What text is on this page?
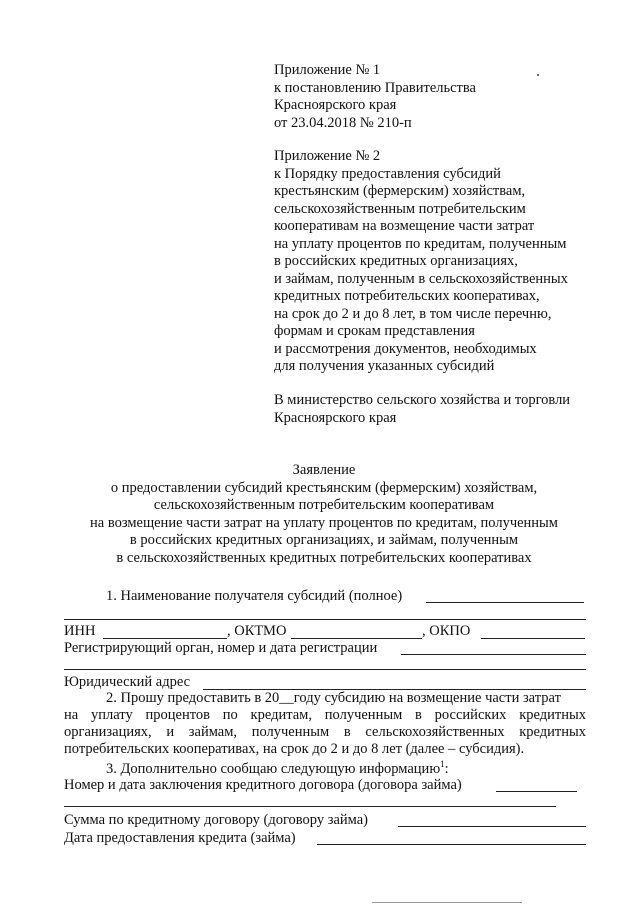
Приложение № 1
к постановлению Правительства
Красноярского края
от 23.04.2018 № 210-п
Приложение № 2
к Порядку предоставления субсидий
крестьянским (фермерским) хозяйствам,
сельскохозяйственным потребительским
кооперативам на возмещение части затрат
на уплату процентов по кредитам, полученным
в российских кредитных организациях,
и займам, полученным в сельскохозяйственных
кредитных потребительских кооперативах,
на срок до 2 и до 8 лет, в том числе перечню,
формам и срокам представления
и рассмотрения документов, необходимых
для получения указанных субсидий
В министерство сельского хозяйства и торговли
Красноярского края
Заявление
о предоставлении субсидий крестьянским (фермерским) хозяйствам,
сельскохозяйственным потребительским кооперативам
на возмещение части затрат на уплату процентов по кредитам, полученным
в российских кредитных организациях, и займам, полученным
в сельскохозяйственных кредитных потребительских кооперативах
1. Наименование получателя субсидий (полное)
ИНН	, ОКТМО	, ОКПО
Регистрирующий орган, номер и дата регистрации
Юридический адрес
2. Прошу предоставить в 20__году субсидию на возмещение части затрат
на уплату процентов по кредитам, полученным в российских кредитных
организациях, и займам, полученным в сельскохозяйственных кредитных
потребительских кооперативах, на срок до 2 и до 8 лет (далее – субсидия).
3. Дополнительно сообщаю следующую информацию$^1$:
Номер и дата заключения кредитного договора (договора займа)
Сумма по кредитному договору (договору займа)
Дата предоставления кредита (займа)
